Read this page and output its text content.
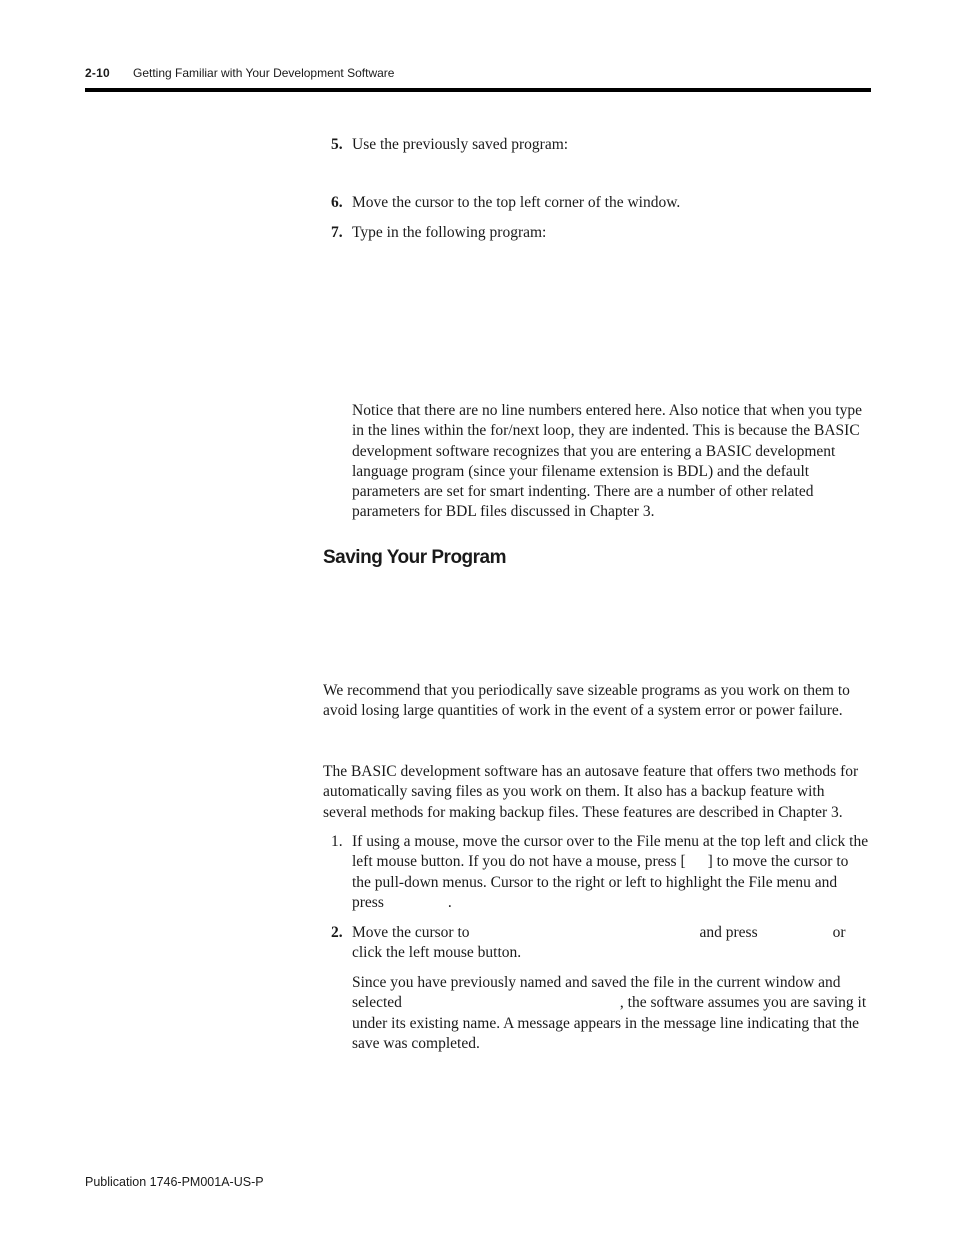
2-10 Getting Familiar with Your Development Software
5. Use the previously saved program:
6. Move the cursor to the top left corner of the window.
7. Type in the following program:
Notice that there are no line numbers entered here. Also notice that when you type in the lines within the for/next loop, they are indented. This is because the BASIC development software recognizes that you are entering a BASIC development language program (since your filename extension is BDL) and the default parameters are set for smart indenting. There are a number of other related parameters for BDL files discussed in Chapter 3.
Saving Your Program
We recommend that you periodically save sizeable programs as you work on them to avoid losing large quantities of work in the event of a system error or power failure.
The BASIC development software has an autosave feature that offers two methods for automatically saving files as you work on them. It also has a backup feature with several methods for making backup files. These features are described in Chapter 3.
1. If using a mouse, move the cursor over to the File menu at the top left and click the left mouse button. If you do not have a mouse, press [ ] to move the cursor to the pull-down menus. Cursor to the right or left to highlight the File menu and press	.
2. Move the cursor to	and press	or click the left mouse button.
Since you have previously named and saved the file in the current window and selected	, the software assumes you are saving it under its existing name. A message appears in the message line indicating that the save was completed.
Publication 1746-PM001A-US-P
